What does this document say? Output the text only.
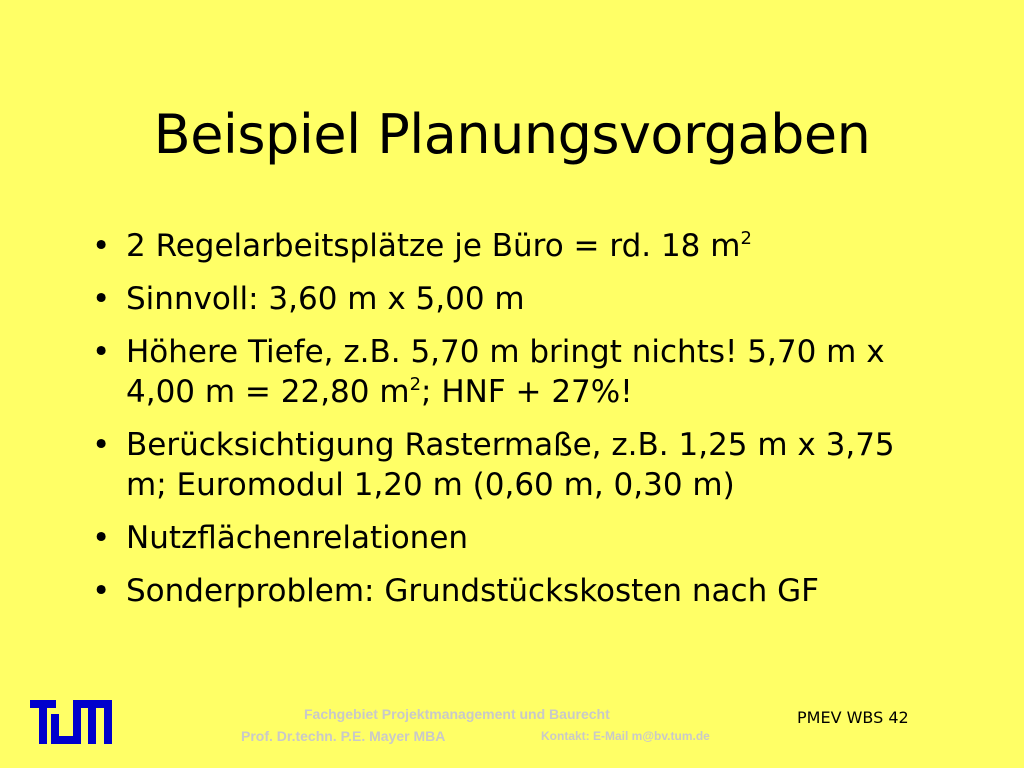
Beispiel Planungsvorgaben
• 2 Regelarbeitsplätze je Büro = rd. 18 $m^2$
• Sinnvoll: 3,60 m x 5,00 m
• Höhere Tiefe, z.B. 5,70 m bringt nichts! 5,70 m x 4,00 m = 22,80 $m^2$; HNF + 27%!
• Berücksichtigung Rastermaße, z.B. 1,25 m x 3,75 m; Euromodul 1,20 m (0,60 m, 0,30 m)
• Nutzflächenrelationen
• Sonderproblem: Grundstückskosten nach GF
Fachgebiet Projektmanagement und Baurecht
Prof. Dr.techn. P.E. Mayer MBA	Kontakt: E-Mail m@bv.tum.de
PMEV WBS 42
